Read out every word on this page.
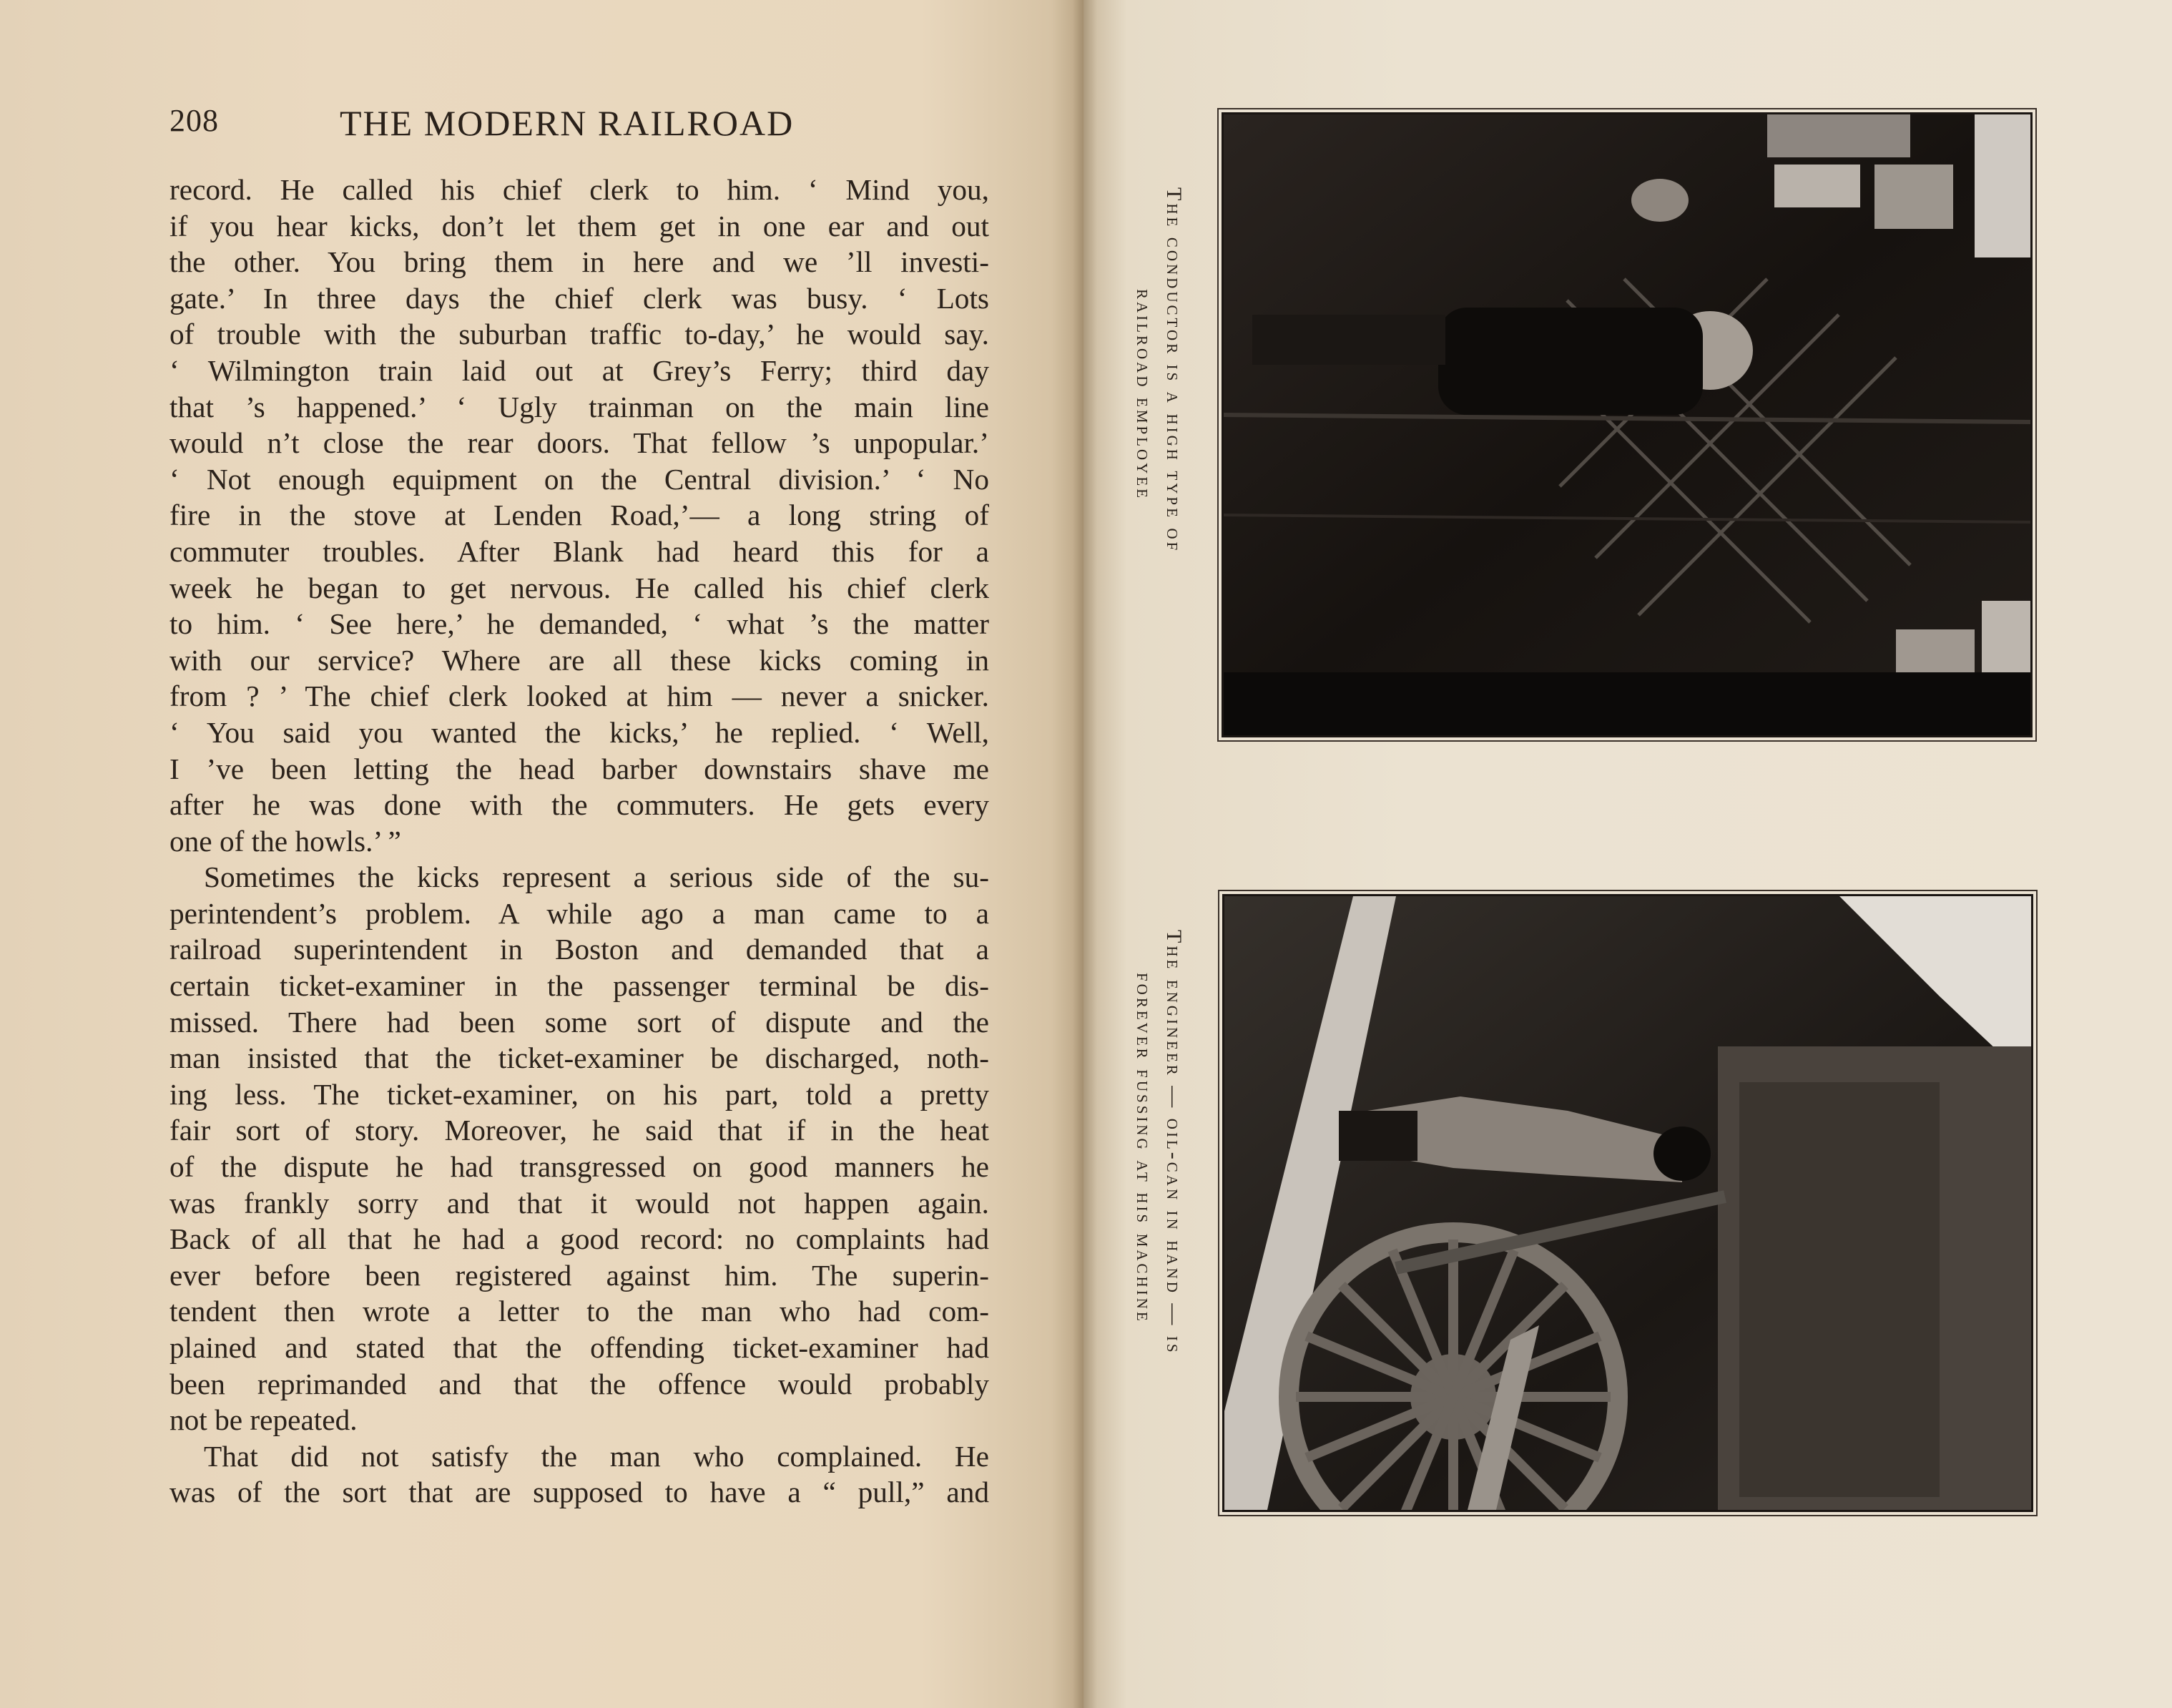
208	THE MODERN RAILROAD
record. He called his chief clerk to him. ‘ Mind you,
if you hear kicks, don’t let them get in one ear and out
the other. You bring them in here and we ’ll investi-
gate.’ In three days the chief clerk was busy. ‘ Lots
of trouble with the suburban traffic to-day,’ he would say.
‘ Wilmington train laid out at Grey’s Ferry; third day
that ’s happened.’ ‘ Ugly trainman on the main line
would n’t close the rear doors. That fellow ’s unpopular.’
‘ Not enough equipment on the Central division.’ ‘ No
fire in the stove at Lenden Road,’— a long string of
commuter troubles. After Blank had heard this for a
week he began to get nervous. He called his chief clerk
to him. ‘ See here,’ he demanded, ‘ what ’s the matter
with our service? Where are all these kicks coming in
from ? ’ The chief clerk looked at him — never a snicker.
‘ You said you wanted the kicks,’ he replied. ‘ Well,
I ’ve been letting the head barber downstairs shave me
after he was done with the commuters. He gets every
one of the howls.’ ”
Sometimes the kicks represent a serious side of the su-
perintendent’s problem. A while ago a man came to a
railroad superintendent in Boston and demanded that a
certain ticket-examiner in the passenger terminal be dis-
missed. There had been some sort of dispute and the
man insisted that the ticket-examiner be discharged, noth-
ing less. The ticket-examiner, on his part, told a pretty
fair sort of story. Moreover, he said that if in the heat
of the dispute he had transgressed on good manners he
was frankly sorry and that it would not happen again.
Back of all that he had a good record: no complaints had
ever before been registered against him. The superin-
tendent then wrote a letter to the man who had com-
plained and stated that the offending ticket-examiner had
been reprimanded and that the offence would probably
not be repeated.
That did not satisfy the man who complained. He
was of the sort that are supposed to have a “ pull,” and
The conductor is a high type of
railroad employee
The engineer — oil-can in hand — is
forever fussing at his machine
